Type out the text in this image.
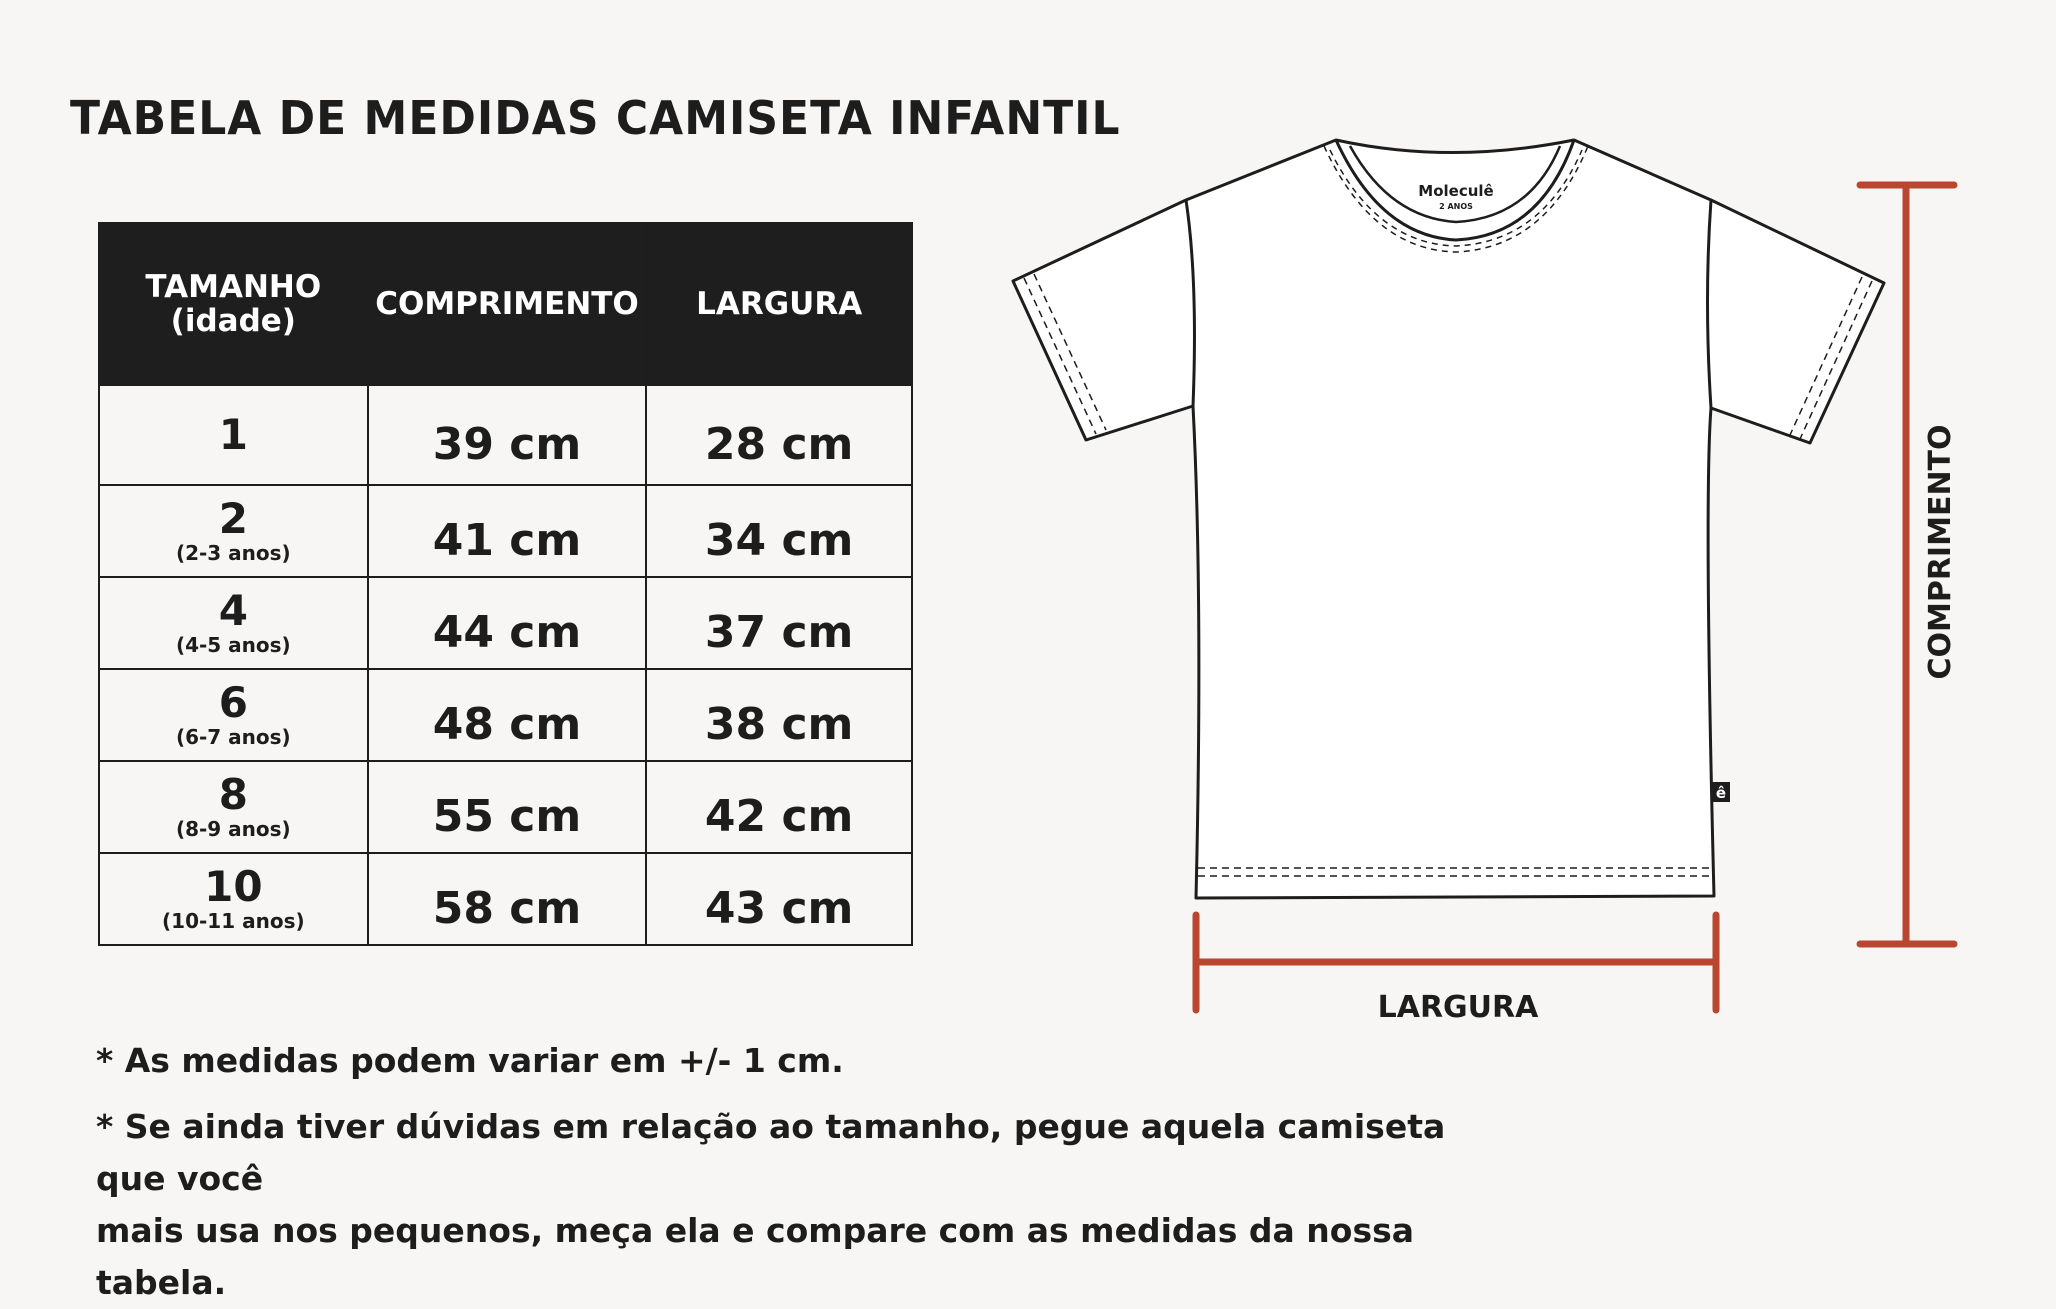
TABELA DE MEDIDAS CAMISETA INFANTIL
TAMANHO
(idade)	COMPRIMENTO	LARGURA

1	39 cm	28 cm

2
(2-3 anos)	41 cm	34 cm

4
(4-5 anos)	44 cm	37 cm

6
(6-7 anos)	48 cm	38 cm

8
(8-9 anos)	55 cm	42 cm

10
(10-11 anos)	58 cm	43 cm
Moleculê
2 ANOS
ê
LARGURA
COMPRIMENTO

* As medidas podem variar em +/- 1 cm.

* Se ainda tiver dúvidas em relação ao tamanho, pegue aquela camiseta que você

mais usa nos pequenos, meça ela e compare com as medidas da nossa tabela.
